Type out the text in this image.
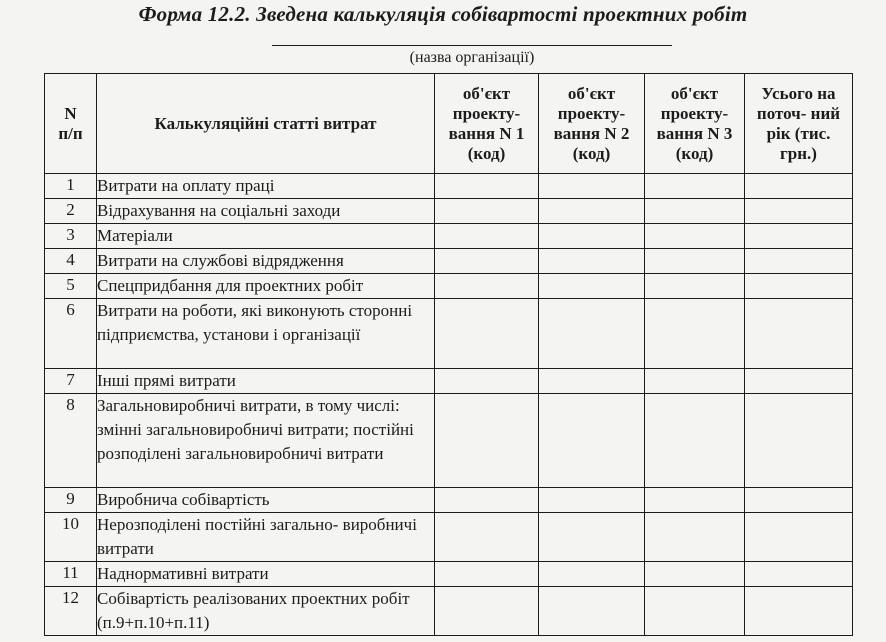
Форма 12.2. Зведена калькуляція собівартості проектних робіт
(назва організації)
N п/п	Калькуляційні статті витрат	об'єкт проекту- вання N 1 (код)	об'єкт проекту- вання N 2 (код)	об'єкт проекту- вання N 3 (код)	Усього на поточ- ний рік (тис. грн.)
1	Витрати на оплату праці				
2	Відрахування на соціальні заходи				
3	Матеріали				
4	Витрати на службові відрядження				
5	Спецпридбання для проектних робіт				
6	Витрати на роботи, які виконують сторонні підприємства, установи і організації				
7	Інші прямі витрати				
8	Загальновиробничі витрати, в тому числі: змінні загальновиробничі витрати; постійні розподілені загальновиробничі витрати				
9	Виробнича собівартість				
10	Нерозподілені постійні загально- виробничі витрати				
11	Наднормативні витрати				
12	Собівартість реалізованих проектних робіт (п.9+п.10+п.11)				
